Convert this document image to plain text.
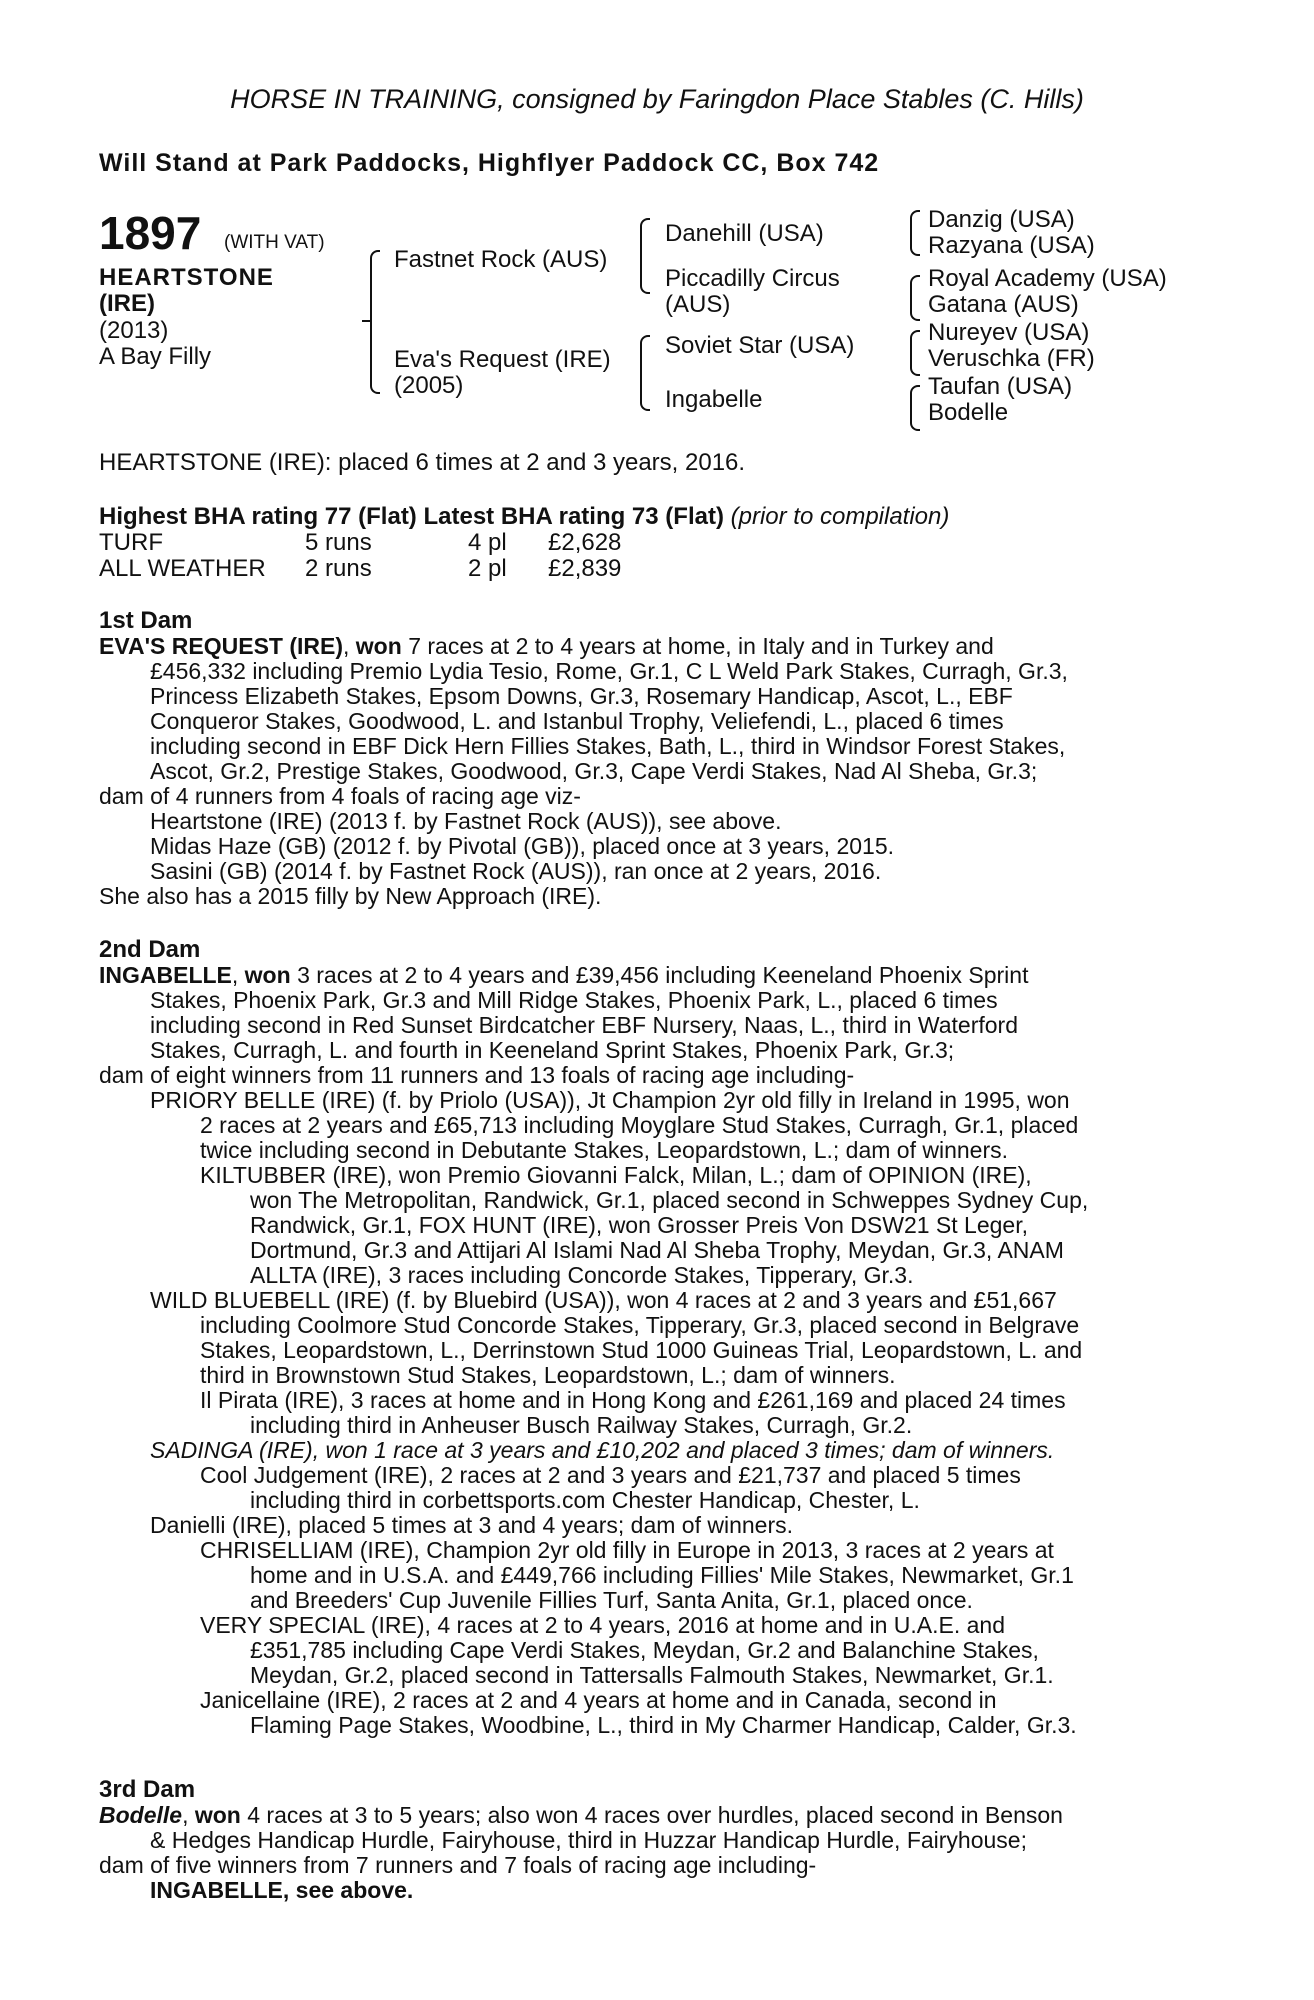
HORSE IN TRAINING, consigned by Faringdon Place Stables (C. Hills)
Will Stand at Park Paddocks, Highflyer Paddock CC, Box 742
1897 (WITH VAT)
HEARTSTONE
(IRE)
(2013)
A Bay Filly
Fastnet Rock (AUS)
Eva's Request (IRE)
(2005)
Danehill (USA)
Piccadilly Circus
(AUS)
Soviet Star (USA)
Ingabelle
Danzig (USA)
Razyana (USA)
Royal Academy (USA)
Gatana (AUS)
Nureyev (USA)
Veruschka (FR)
Taufan (USA)
Bodelle
HEARTSTONE (IRE): placed 6 times at 2 and 3 years, 2016.
Highest BHA rating 77 (Flat) Latest BHA rating 73 (Flat) (prior to compilation)
TURF	5 runs	4 pl £2,628
ALL WEATHER 2 runs	2 pl £2,839
1st Dam
EVA'S REQUEST (IRE), won 7 races at 2 to 4 years at home, in Italy and in Turkey and
£456,332 including Premio Lydia Tesio, Rome, Gr.1, C L Weld Park Stakes, Curragh, Gr.3,
Princess Elizabeth Stakes, Epsom Downs, Gr.3, Rosemary Handicap, Ascot, L., EBF
Conqueror Stakes, Goodwood, L. and Istanbul Trophy, Veliefendi, L., placed 6 times
including second in EBF Dick Hern Fillies Stakes, Bath, L., third in Windsor Forest Stakes,
Ascot, Gr.2, Prestige Stakes, Goodwood, Gr.3, Cape Verdi Stakes, Nad Al Sheba, Gr.3;
dam of 4 runners from 4 foals of racing age viz-
Heartstone (IRE) (2013 f. by Fastnet Rock (AUS)), see above.
Midas Haze (GB) (2012 f. by Pivotal (GB)), placed once at 3 years, 2015.
Sasini (GB) (2014 f. by Fastnet Rock (AUS)), ran once at 2 years, 2016.
She also has a 2015 filly by New Approach (IRE).
2nd Dam
INGABELLE, won 3 races at 2 to 4 years and £39,456 including Keeneland Phoenix Sprint
Stakes, Phoenix Park, Gr.3 and Mill Ridge Stakes, Phoenix Park, L., placed 6 times
including second in Red Sunset Birdcatcher EBF Nursery, Naas, L., third in Waterford
Stakes, Curragh, L. and fourth in Keeneland Sprint Stakes, Phoenix Park, Gr.3;
dam of eight winners from 11 runners and 13 foals of racing age including-
PRIORY BELLE (IRE) (f. by Priolo (USA)), Jt Champion 2yr old filly in Ireland in 1995, won
2 races at 2 years and £65,713 including Moyglare Stud Stakes, Curragh, Gr.1, placed
twice including second in Debutante Stakes, Leopardstown, L.; dam of winners.
KILTUBBER (IRE), won Premio Giovanni Falck, Milan, L.; dam of OPINION (IRE),
won The Metropolitan, Randwick, Gr.1, placed second in Schweppes Sydney Cup,
Randwick, Gr.1, FOX HUNT (IRE), won Grosser Preis Von DSW21 St Leger,
Dortmund, Gr.3 and Attijari Al Islami Nad Al Sheba Trophy, Meydan, Gr.3, ANAM
ALLTA (IRE), 3 races including Concorde Stakes, Tipperary, Gr.3.
WILD BLUEBELL (IRE) (f. by Bluebird (USA)), won 4 races at 2 and 3 years and £51,667
including Coolmore Stud Concorde Stakes, Tipperary, Gr.3, placed second in Belgrave
Stakes, Leopardstown, L., Derrinstown Stud 1000 Guineas Trial, Leopardstown, L. and
third in Brownstown Stud Stakes, Leopardstown, L.; dam of winners.
Il Pirata (IRE), 3 races at home and in Hong Kong and £261,169 and placed 24 times
including third in Anheuser Busch Railway Stakes, Curragh, Gr.2.
SADINGA (IRE), won 1 race at 3 years and £10,202 and placed 3 times; dam of winners.
Cool Judgement (IRE), 2 races at 2 and 3 years and £21,737 and placed 5 times
including third in corbettsports.com Chester Handicap, Chester, L.
Danielli (IRE), placed 5 times at 3 and 4 years; dam of winners.
CHRISELLIAM (IRE), Champion 2yr old filly in Europe in 2013, 3 races at 2 years at
home and in U.S.A. and £449,766 including Fillies' Mile Stakes, Newmarket, Gr.1
and Breeders' Cup Juvenile Fillies Turf, Santa Anita, Gr.1, placed once.
VERY SPECIAL (IRE), 4 races at 2 to 4 years, 2016 at home and in U.A.E. and
£351,785 including Cape Verdi Stakes, Meydan, Gr.2 and Balanchine Stakes,
Meydan, Gr.2, placed second in Tattersalls Falmouth Stakes, Newmarket, Gr.1.
Janicellaine (IRE), 2 races at 2 and 4 years at home and in Canada, second in
Flaming Page Stakes, Woodbine, L., third in My Charmer Handicap, Calder, Gr.3.
3rd Dam
Bodelle, won 4 races at 3 to 5 years; also won 4 races over hurdles, placed second in Benson
& Hedges Handicap Hurdle, Fairyhouse, third in Huzzar Handicap Hurdle, Fairyhouse;
dam of five winners from 7 runners and 7 foals of racing age including-
INGABELLE, see above.
